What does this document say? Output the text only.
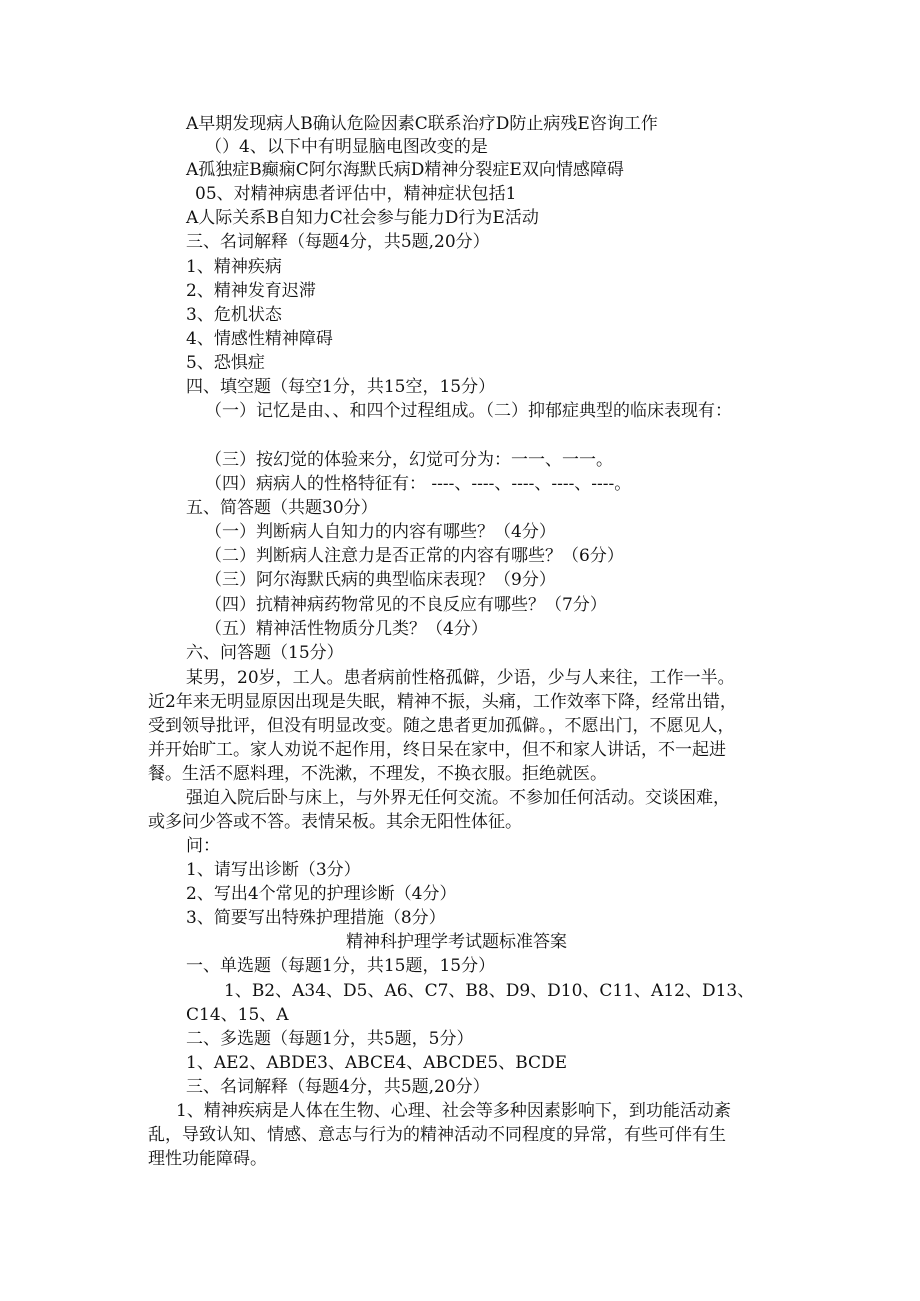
A早期发现病人B确认危险因素C联系治疗D防止病残E咨询工作
（）4、以下中有明显脑电图改变的是
A孤独症B癫痫C阿尔海默氏病D精神分裂症E双向情感障碍
05、对精神病患者评估中，精神症状包括1
A人际关系B自知力C社会参与能力D行为E活动
三、名词解释（每题4分，共5题,20分）
1、精神疾病
2、精神发育迟滞
3、危机状态
4、情感性精神障碍
5、恐惧症
四、填空题（每空1分，共15空，15分）
（一）记忆是由、、和四个过程组成。（二）抑郁症典型的临床表现有：
（三）按幻觉的体验来分，幻觉可分为：一一、一一。
（四）病病人的性格特征有： ----、----、----、----、----。
五、简答题（共题30分）
（一）判断病人自知力的内容有哪些？（4分）
（二）判断病人注意力是否正常的内容有哪些？（6分）
（三）阿尔海默氏病的典型临床表现？（9分）
（四）抗精神病药物常见的不良反应有哪些？（7分）
（五）精神活性物质分几类？（4分）
六、问答题（15分）
某男，20岁，工人。患者病前性格孤僻，少语，少与人来往，工作一半。
近2年来无明显原因出现是失眠，精神不振，头痛，工作效率下降，经常出错，
受到领导批评，但没有明显改变。随之患者更加孤僻。，不愿出门，不愿见人，
并开始旷工。家人劝说不起作用，终日呆在家中，但不和家人讲话，不一起进
餐。生活不愿料理，不洗漱，不理发，不换衣服。拒绝就医。
强迫入院后卧与床上，与外界无任何交流。不参加任何活动。交谈困难，
或多问少答或不答。表情呆板。其余无阳性体征。
问：
1、请写出诊断（3分）
2、写出4个常见的护理诊断（4分）
3、简要写出特殊护理措施（8分）
精神科护理学考试题标准答案
一、单选题（每题1分，共15题，15分）
1、B2、A34、D5、A6、C7、B8、D9、D10、C11、A12、D13、
C14、15、A
二、多选题（每题1分，共5题，5分）
1、AE2、ABDE3、ABCE4、ABCDE5、BCDE
三、名词解释（每题4分，共5题,20分）
1、精神疾病是人体在生物、心理、社会等多种因素影响下，到功能活动紊
乱，导致认知、情感、意志与行为的精神活动不同程度的异常，有些可伴有生
理性功能障碍。
